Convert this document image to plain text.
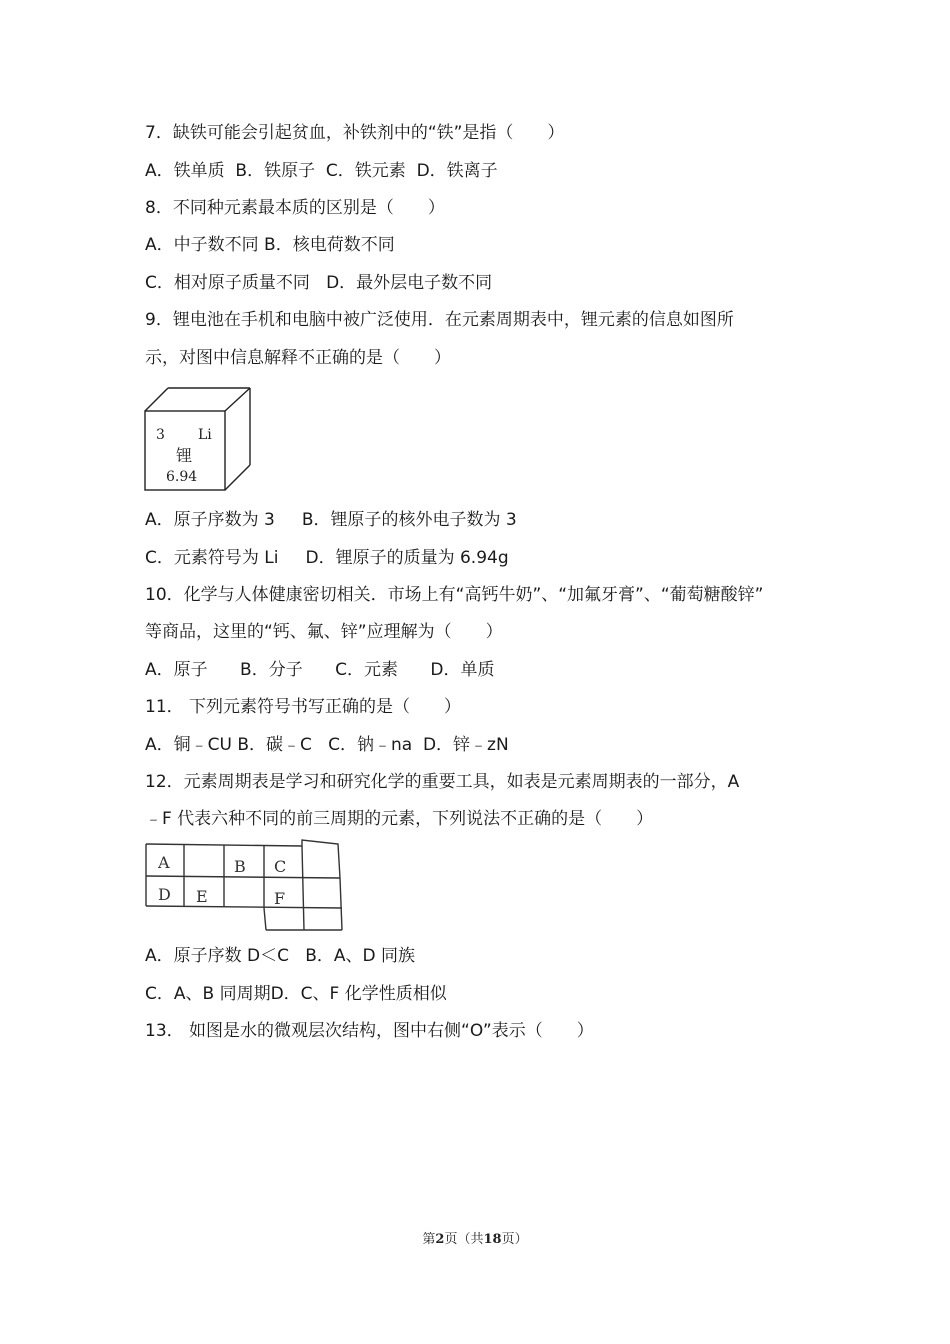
7．缺铁可能会引起贫血，补铁剂中的“铁”是指（　　）
A．铁单质  B．铁原子  C．铁元素  D．铁离子
8．不同种元素最本质的区别是（　　）
A．中子数不同 B．核电荷数不同
C．相对原子质量不同   D．最外层电子数不同
9．锂电池在手机和电脑中被广泛使用．在元素周期表中，锂元素的信息如图所
示，对图中信息解释不正确的是（　　）
3 Li
锂
6.94
A．原子序数为 3     B．锂原子的核外电子数为 3
C．元素符号为 Li     D．锂原子的质量为 6.94g
10．化学与人体健康密切相关．市场上有“高钙牛奶”、“加氟牙膏”、“葡萄糖酸锌”
等商品，这里的“钙、氟、锌”应理解为（　　）
A．原子      B．分子      C．元素      D．单质
11． 下列元素符号书写正确的是（　　）
A．铜﹣CU B．碳﹣C   C．钠﹣na  D．锌﹣zN
12．元素周期表是学习和研究化学的重要工具，如表是元素周期表的一部分，A
﹣F 代表六种不同的前三周期的元素，下列说法不正确的是（　　）
A	B C
D E	F
A．原子序数 D＜C   B．A、D 同族
C．A、B 同周期D．C、F 化学性质相似
13． 如图是水的微观层次结构，图中右侧“O”表示（　　）
第2页（共18页）
